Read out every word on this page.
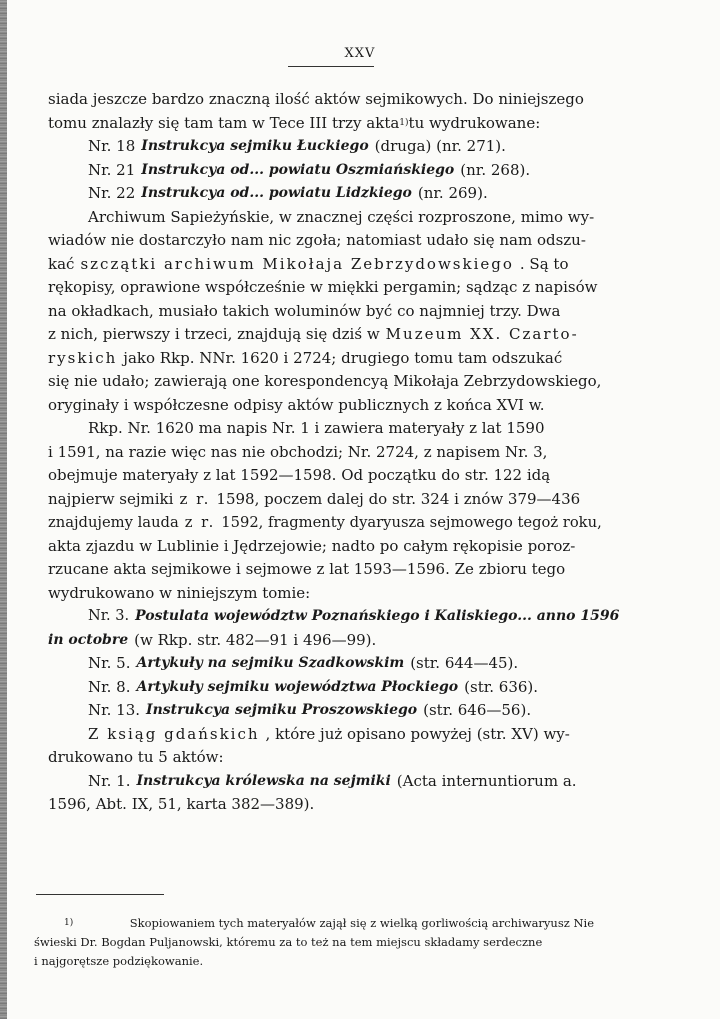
XXV
siada jeszcze bardzo znaczną ilość aktów sejmikowych. Do niniejszego
tomu znalazły się tam tam w Tece III trzy akta 1) tu wydrukowane:
Nr. 18 Instrukcya sejmiku Łuckiego (druga) (nr. 271).
Nr. 21 Instrukcya od... powiatu Oszmiańskiego (nr. 268).
Nr. 22 Instrukcya od... powiatu Lidzkiego (nr. 269).
Archiwum Sapieżyńskie, w znacznej części rozproszone, mimo wy-
wiadów nie dostarczyło nam nic zgoła; natomiast udało się nam odszu-
kać szczątki archiwum Mikołaja Zebrzydowskiego . Są to
rękopisy, oprawione współcześnie w miękki pergamin; sądząc z napisów
na okładkach, musiało takich woluminów być co najmniej trzy. Dwa
z nich, pierwszy i trzeci, znajdują się dziś w Muzeum XX. Czarto-
ryskich jako Rkp. NNr. 1620 i 2724; drugiego tomu tam odszukać
się nie udało; zawierają one korespondencyą Mikołaja Zebrzydowskiego,
oryginały i współczesne odpisy aktów publicznych z końca XVI w.
Rkp. Nr. 1620 ma napis Nr. 1 i zawiera materyały z lat 1590
i 1591, na razie więc nas nie obchodzi; Nr. 2724, z napisem Nr. 3,
obejmuje materyały z lat 1592—1598. Od początku do str. 122 idą
najpierw sejmiki z r. 1598, poczem dalej do str. 324 i znów 379—436
znajdujemy lauda z r. 1592, fragmenty dyaryusza sejmowego tegoż roku,
akta zjazdu w Lublinie i Jędrzejowie; nadto po całym rękopisie poroz-
rzucane akta sejmikowe i sejmowe z lat 1593—1596. Ze zbioru tego
wydrukowano w niniejszym tomie:
Nr. 3. Postulata województw Poznańskiego i Kaliskiego... anno 1596
in octobre (w Rkp. str. 482—91 i 496—99).
Nr. 5. Artykuły na sejmiku Szadkowskim (str. 644—45).
Nr. 8. Artykuły sejmiku województwa Płockiego (str. 636).
Nr. 13. Instrukcya sejmiku Proszowskiego (str. 646—56).
Z ksiąg gdańskich , które już opisano powyżej (str. XV) wy-
drukowano tu 5 aktów:
Nr. 1. Instrukcya królewska na sejmiki (Acta internuntiorum a.
1596, Abt. IX, 51, karta 382—389).
1)	Skopiowaniem tych materyałów zajął się z wielką gorliwością archiwaryusz Nie
świeski Dr. Bogdan Puljanowski, któremu za to też na tem miejscu składamy serdeczne
i najgorętsze podziękowanie.
